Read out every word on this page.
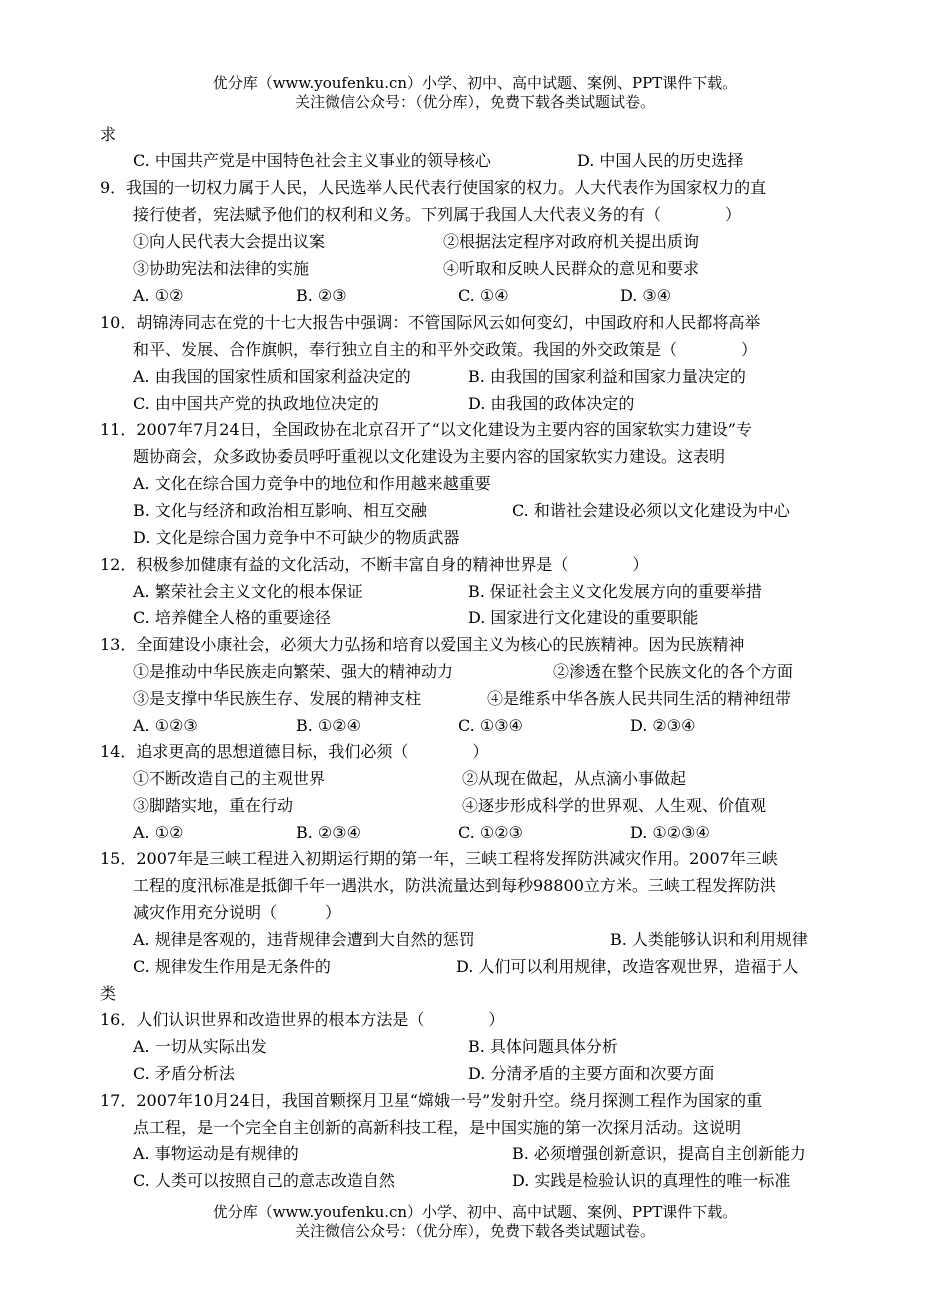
优分库（www.youfenku.cn）小学、初中、高中试题、案例、PPT课件下载。
关注微信公众号：（优分库），免费下载各类试题试卷。
求
C. 中国共产党是中国特色社会主义事业的领导核心	D. 中国人民的历史选择
9．我国的一切权力属于人民，人民选举人民代表行使国家的权力。人大代表作为国家权力的直
接行使者，宪法赋予他们的权利和义务。下列属于我国人大代表义务的有（　　　　）
①向人民代表大会提出议案	②根据法定程序对政府机关提出质询
③协助宪法和法律的实施	④听取和反映人民群众的意见和要求
A. ①②	B. ②③	C. ①④	D. ③④
10．胡锦涛同志在党的十七大报告中强调：不管国际风云如何变幻，中国政府和人民都将高举
和平、发展、合作旗帜，奉行独立自主的和平外交政策。我国的外交政策是（　　　　）
A. 由我国的国家性质和国家利益决定的	B. 由我国的国家利益和国家力量决定的
C. 由中国共产党的执政地位决定的	D. 由我国的政体决定的
11．2007年7月24日，全国政协在北京召开了“以文化建设为主要内容的国家软实力建设”专
题协商会，众多政协委员呼吁重视以文化建设为主要内容的国家软实力建设。这表明
A. 文化在综合国力竞争中的地位和作用越来越重要
B. 文化与经济和政治相互影响、相互交融	C. 和谐社会建设必须以文化建设为中心
D. 文化是综合国力竞争中不可缺少的物质武器
12．积极参加健康有益的文化活动，不断丰富自身的精神世界是（　　　　）
A. 繁荣社会主义文化的根本保证	B. 保证社会主义文化发展方向的重要举措
C. 培养健全人格的重要途径	D. 国家进行文化建设的重要职能
13．全面建设小康社会，必须大力弘扬和培育以爱国主义为核心的民族精神。因为民族精神
①是推动中华民族走向繁荣、强大的精神动力	②渗透在整个民族文化的各个方面
③是支撑中华民族生存、发展的精神支柱	④是维系中华各族人民共同生活的精神纽带
A. ①②③	B. ①②④	C. ①③④	D. ②③④
14．追求更高的思想道德目标，我们必须（　　　　）
①不断改造自己的主观世界	②从现在做起，从点滴小事做起
③脚踏实地，重在行动	④逐步形成科学的世界观、人生观、价值观
A. ①②	B. ②③④	C. ①②③	D. ①②③④
15．2007年是三峡工程进入初期运行期的第一年，三峡工程将发挥防洪减灾作用。2007年三峡
工程的度汛标准是抵御千年一遇洪水，防洪流量达到每秒98800立方米。三峡工程发挥防洪
减灾作用充分说明（　　　）
A. 规律是客观的，违背规律会遭到大自然的惩罚	B. 人类能够认识和利用规律
C. 规律发生作用是无条件的	D. 人们可以利用规律，改造客观世界，造福于人
类
16．人们认识世界和改造世界的根本方法是（　　　　）
A. 一切从实际出发	B. 具体问题具体分析
C. 矛盾分析法	D. 分清矛盾的主要方面和次要方面
17．2007年10月24日，我国首颗探月卫星“嫦娥一号”发射升空。绕月探测工程作为国家的重
点工程，是一个完全自主创新的高新科技工程，是中国实施的第一次探月活动。这说明
A. 事物运动是有规律的	B. 必须增强创新意识，提高自主创新能力
C. 人类可以按照自己的意志改造自然	D. 实践是检验认识的真理性的唯一标准
优分库（www.youfenku.cn）小学、初中、高中试题、案例、PPT课件下载。
关注微信公众号：（优分库），免费下载各类试题试卷。
